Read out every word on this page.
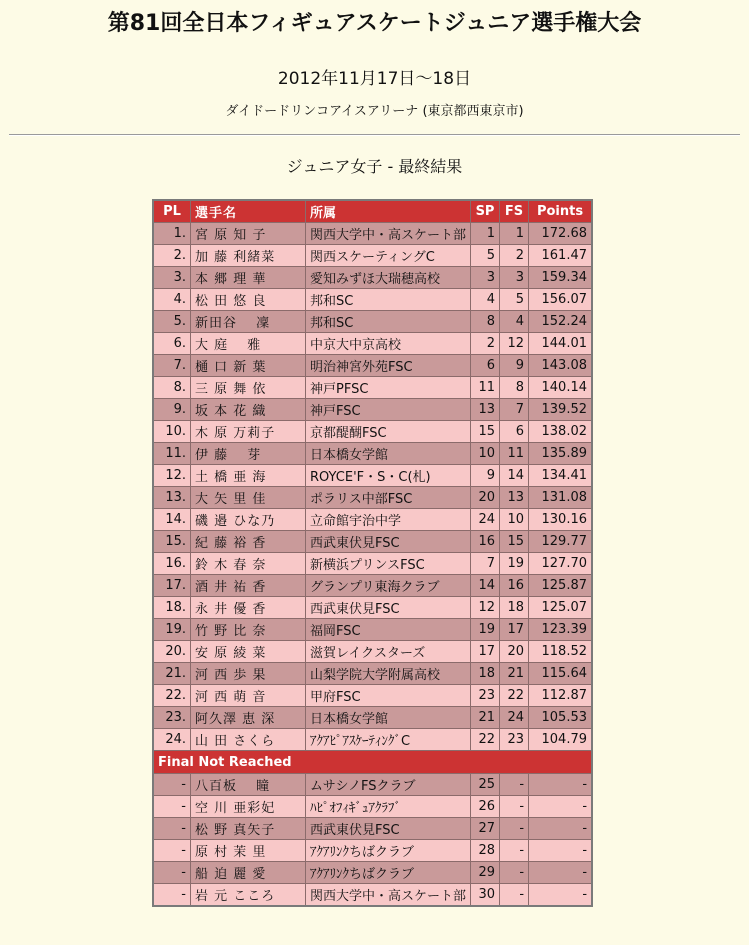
第81回全日本フィギュアスケートジュニア選手権大会
2012年11月17日～18日
ダイドードリンコアイスアリーナ (東京都西東京市)
ジュニア女子 - 最終結果
PL	選手名	所属	SP	FS	Points
1.	宮 原 知 子	関西大学中・高スケート部	1	1	172.68
2.	加 藤 利緒菜	関西スケーティングC	5	2	161.47
3.	本 郷 理 華	愛知みずほ大瑞穂高校	3	3	159.34
4.	松 田 悠 良	邦和SC	4	5	156.07
5.	新田谷　 凜	邦和SC	8	4	152.24
6.	大 庭　 雅	中京大中京高校	2	12	144.01
7.	樋 口 新 葉	明治神宮外苑FSC	6	9	143.08
8.	三 原 舞 依	神戸PFSC	11	8	140.14
9.	坂 本 花 織	神戸FSC	13	7	139.52
10.	木 原 万莉子	京都醍醐FSC	15	6	138.02
11.	伊 藤　 芽	日本橋女学館	10	11	135.89
12.	土 橋 亜 海	ROYCE'F・S・C(札)	9	14	134.41
13.	大 矢 里 佳	ポラリス中部FSC	20	13	131.08
14.	磯 邉 ひな乃	立命館宇治中学	24	10	130.16
15.	紀 藤 裕 香	西武東伏見FSC	16	15	129.77
16.	鈴 木 春 奈	新横浜プリンスFSC	7	19	127.70
17.	酒 井 祐 香	グランプリ東海クラブ	14	16	125.87
18.	永 井 優 香	西武東伏見FSC	12	18	125.07
19.	竹 野 比 奈	福岡FSC	19	17	123.39
20.	安 原 綾 菜	滋賀レイクスターズ	17	20	118.52
21.	河 西 歩 果	山梨学院大学附属高校	18	21	115.64
22.	河 西 萌 音	甲府FSC	23	22	112.87
23.	阿久澤 恵 深	日本橋女学館	21	24	105.53
24.	山 田 さくら	ｱｸｱﾋﾟｱｽｹｰﾃｨﾝｸﾞC	22	23	104.79
Final Not Reached					
-	八百板　 瞳	ムサシノFSクラブ	25	-	-
-	空 川 亜彩妃	ﾊﾋﾟｵﾌｨｷﾞｭｱｸﾗﾌﾞ	26	-	-
-	松 野 真矢子	西武東伏見FSC	27	-	-
-	原 村 茉 里	ｱｸｱﾘﾝｸちばクラブ	28	-	-
-	船 迫 麗 愛	ｱｸｱﾘﾝｸちばクラブ	29	-	-
-	岩 元 こころ	関西大学中・高スケート部	30	-	-
